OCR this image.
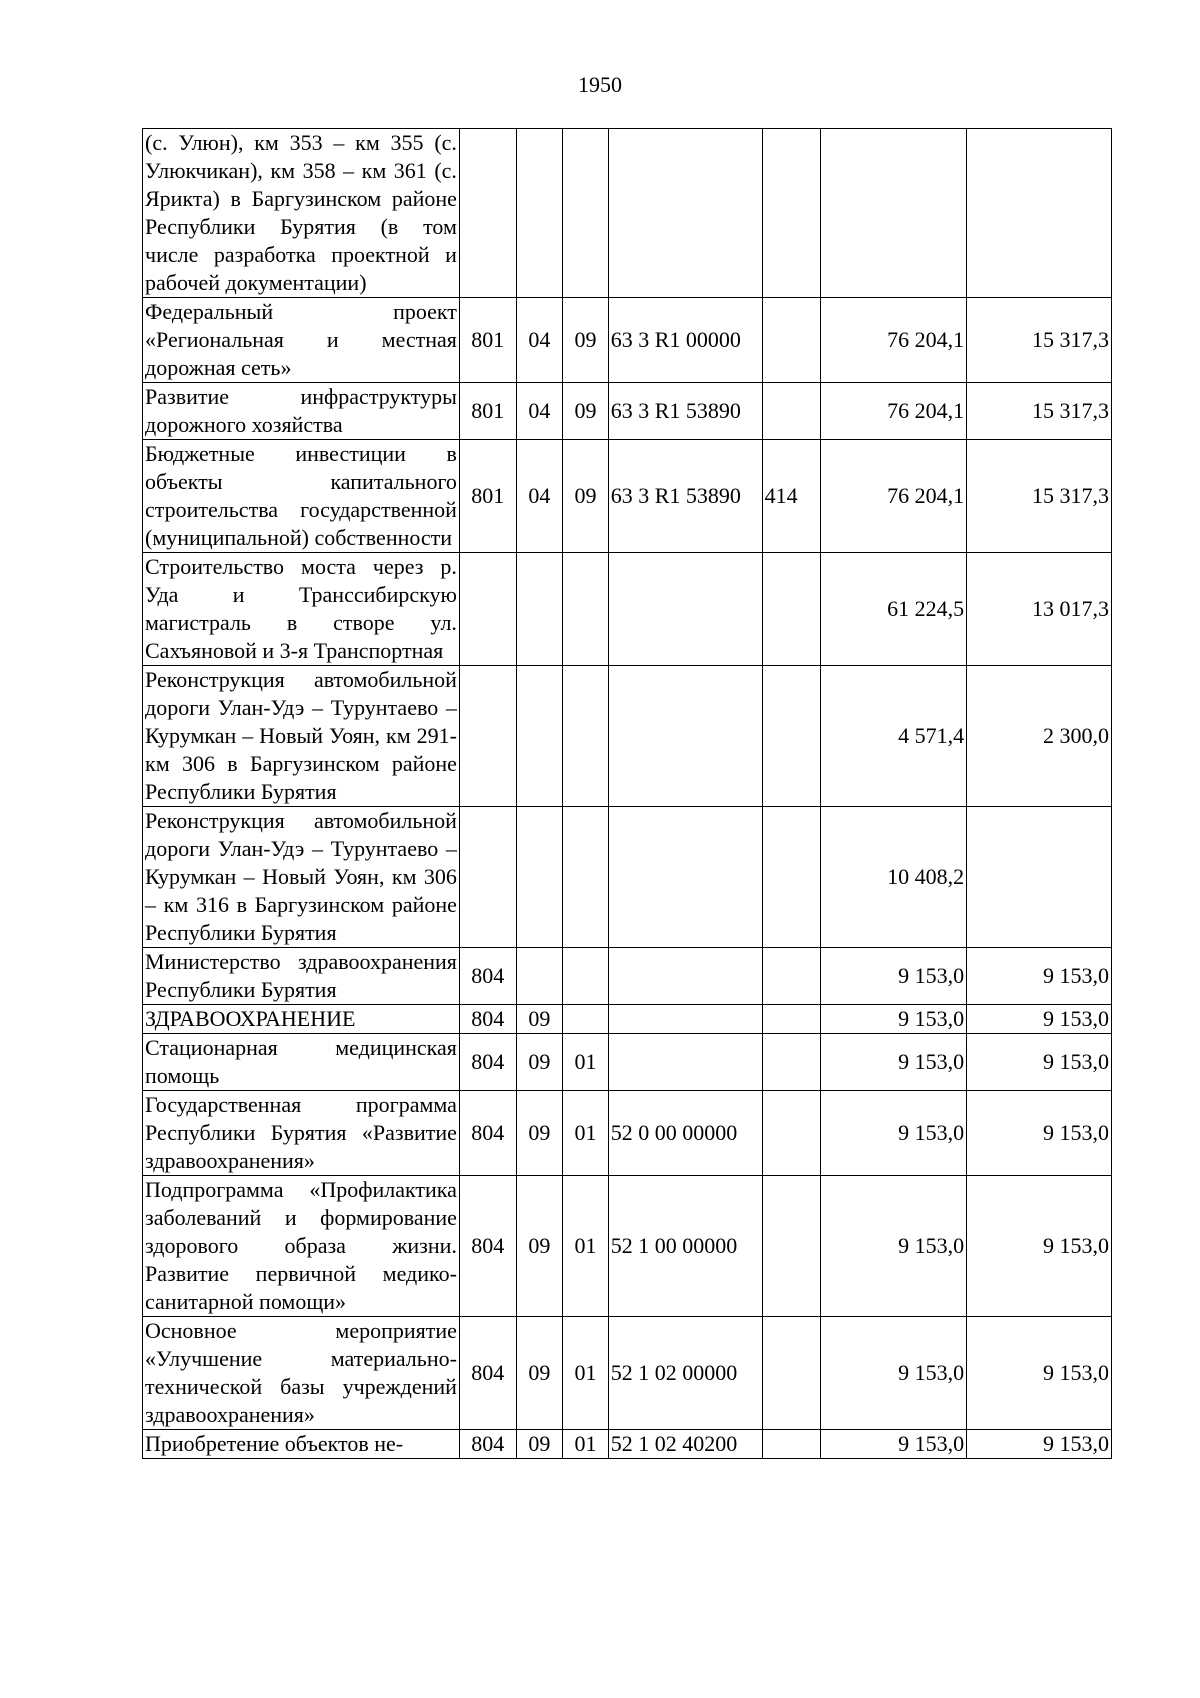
1950
(с. Улюн), км 353 – км 355 (с. Улюкчикан), км 358 – км 361 (с. Ярикта) в Баргузинском районе Республики Бурятия (в том числе разработка проектной и рабочей документации)							
Федеральный проект «Региональная и местная дорожная сеть»	801	04	09	63 3 R1 00000		76 204,1	15 317,3
Развитие инфраструктуры дорожного хозяйства	801	04	09	63 3 R1 53890		76 204,1	15 317,3
Бюджетные инвестиции в объекты капитального строительства государственной (муниципальной) собственности	801	04	09	63 3 R1 53890	414	76 204,1	15 317,3
Строительство моста через р. Уда и Транссибирскую магистраль в створе ул. Сахъяновой и 3-я Транспортная						61 224,5	13 017,3
Реконструкция автомобильной дороги Улан-Удэ – Турунтаево – Курумкан – Новый Уоян, км 291- км 306 в Баргузинском районе Республики Бурятия						4 571,4	2 300,0
Реконструкция автомобильной дороги Улан-Удэ – Турунтаево – Курумкан – Новый Уоян, км 306 – км 316 в Баргузинском районе Республики Бурятия						10 408,2	
Министерство здравоохранения Республики Бурятия	804					9 153,0	9 153,0
ЗДРАВООХРАНЕНИЕ	804	09				9 153,0	9 153,0
Стационарная медицинская помощь	804	09	01			9 153,0	9 153,0
Государственная программа Республики Бурятия «Развитие здравоохранения»	804	09	01	52 0 00 00000		9 153,0	9 153,0
Подпрограмма «Профилактика заболеваний и формирование здорового образа жизни. Развитие первичной медико-санитарной помощи»	804	09	01	52 1 00 00000		9 153,0	9 153,0
Основное мероприятие «Улучшение материально-технической базы учреждений здравоохранения»	804	09	01	52 1 02 00000		9 153,0	9 153,0
Приобретение объектов не-	804	09	01	52 1 02 40200		9 153,0	9 153,0
